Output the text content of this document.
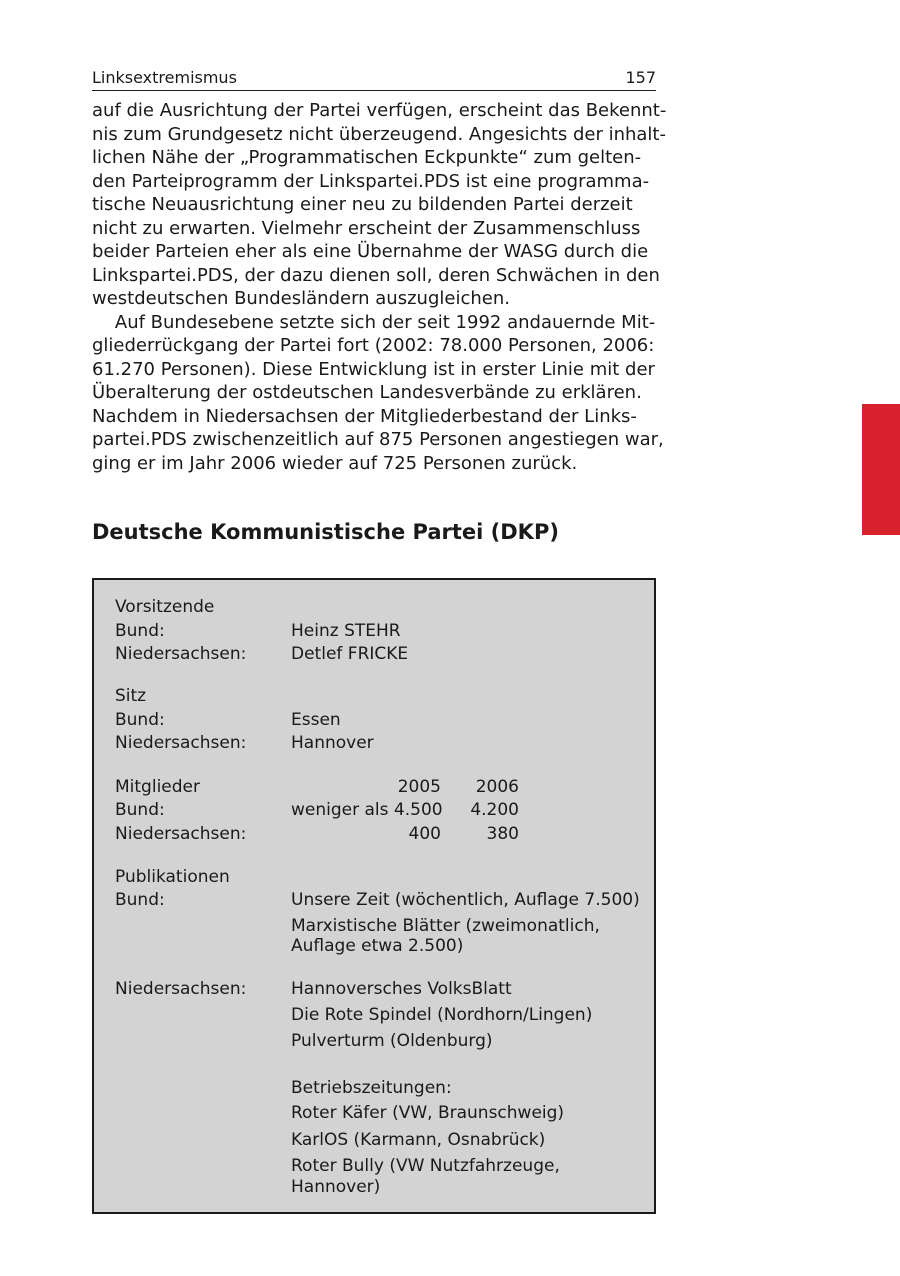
Linksextremismus	157
auf die Ausrichtung der Partei verfügen, erscheint das Bekennt-
nis zum Grundgesetz nicht überzeugend. Angesichts der inhalt-
lichen Nähe der „Programmatischen Eckpunkte“ zum gelten-
den Parteiprogramm der Linkspartei.PDS ist eine programma-
tische Neuausrichtung einer neu zu bildenden Partei derzeit
nicht zu erwarten. Vielmehr erscheint der Zusammenschluss
beider Parteien eher als eine Übernahme der WASG durch die
Linkspartei.PDS, der dazu dienen soll, deren Schwächen in den
westdeutschen Bundesländern auszugleichen.
Auf Bundesebene setzte sich der seit 1992 andauernde Mit-
gliederrückgang der Partei fort (2002: 78.000 Personen, 2006:
61.270 Personen). Diese Entwicklung ist in erster Linie mit der
Überalterung der ostdeutschen Landesverbände zu erklären.
Nachdem in Niedersachsen der Mitgliederbestand der Links-
partei.PDS zwischenzeitlich auf 875 Personen angestiegen war,
ging er im Jahr 2006 wieder auf 725 Personen zurück.
Deutsche Kommunistische Partei (DKP)
Vorsitzende
Bund:	Heinz STEHR
Niedersachsen:	Detlef FRICKE
Sitz
Bund:	Essen
Niedersachsen:	Hannover
Mitglieder	2005	2006
Bund:	weniger als 4.500	4.200
Niedersachsen:	400	380
Publikationen
Bund:	Unsere Zeit (wöchentlich, Auflage 7.500)
Marxistische Blätter (zweimonatlich,
Auflage etwa 2.500)
Niedersachsen:	Hannoversches VolksBlatt
Die Rote Spindel (Nordhorn/Lingen)
Pulverturm (Oldenburg)
Betriebszeitungen:
Roter Käfer (VW, Braunschweig)
KarlOS (Karmann, Osnabrück)
Roter Bully (VW Nutzfahrzeuge,
Hannover)
